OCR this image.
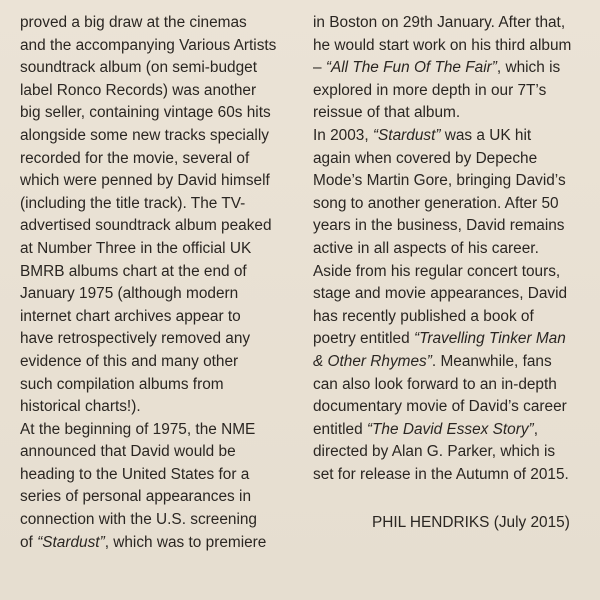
proved a big draw at the cinemas
and the accompanying Various Artists
soundtrack album (on semi-budget
label Ronco Records) was another
big seller, containing vintage 60s hits
alongside some new tracks specially
recorded for the movie, several of
which were penned by David himself
(including the title track). The TV-
advertised soundtrack album peaked
at Number Three in the official UK
BMRB albums chart at the end of
January 1975 (although modern
internet chart archives appear to
have retrospectively removed any
evidence of this and many other
such compilation albums from
historical charts!).
At the beginning of 1975, the NME
announced that David would be
heading to the United States for a
series of personal appearances in
connection with the U.S. screening
of “Stardust”, which was to premiere
in Boston on 29th January. After that,
he would start work on his third album
– “All The Fun Of The Fair”, which is
explored in more depth in our 7T’s
reissue of that album.
In 2003, “Stardust” was a UK hit
again when covered by Depeche
Mode’s Martin Gore, bringing David’s
song to another generation. After 50
years in the business, David remains
active in all aspects of his career.
Aside from his regular concert tours,
stage and movie appearances, David
has recently published a book of
poetry entitled “Travelling Tinker Man
& Other Rhymes”. Meanwhile, fans
can also look forward to an in-depth
documentary movie of David’s career
entitled “The David Essex Story”,
directed by Alan G. Parker, which is
set for release in the Autumn of 2015.
PHIL HENDRIKS (July 2015)
